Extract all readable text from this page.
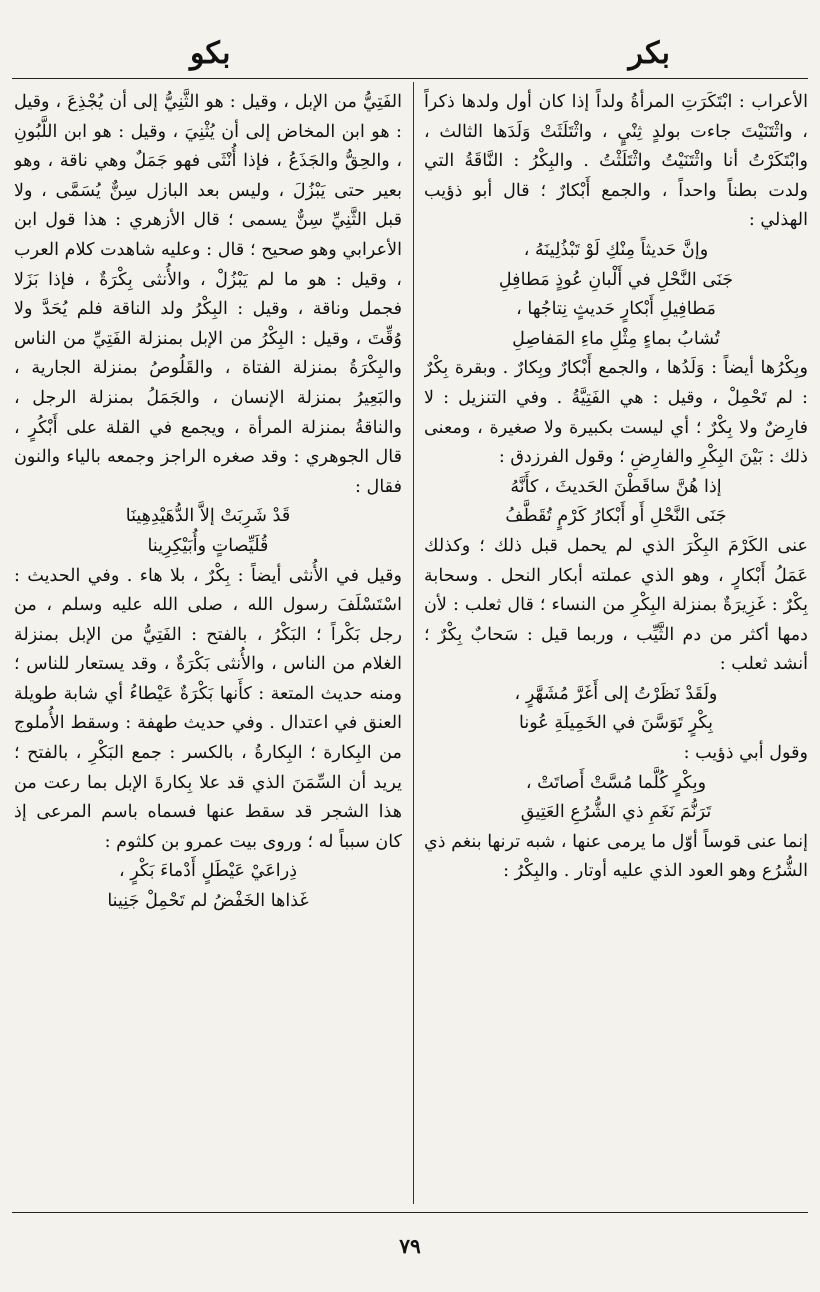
بكر
بكو

الأعراب : ابْتَكَرَتِ المرأةُ ولداً إذا كان أول ولدها ذكراً ، واثْتَنَيْتَ جاءت بولدٍ ثِنْيٍ ، واثْتَلَثَتْ وَلَدَها الثالث ، وابْتَكَرْتُ أنا واثْتَنَيْتُ واثْتَلَثْتُ . والبِكْرُ : النَّاقَةُ التي ولدت بطناً واحداً ، والجمع أَبْكارٌ ؛ قال أبو ذؤيب الهذلي :

وإنَّ حَديثاً مِنْكِ لَوْ تَبْذُلِينَهُ ،
جَنَى النَّحْلِ في أَلْبانِ عُوذٍ مَطافِلِ
مَطافِيلِ أَبْكارٍ حَديثٍ نِتاجُها ،
تُشابُ بماءٍ مِثْلِ ماءِ المَفاصِلِ

وبِكْرُها أيضاً : وَلَدُها ، والجمع أَبْكارٌ وبِكارٌ . وبقرة بِكْرٌ : لم تَحْمِلْ ، وقيل : هي الفَتِيَّةُ . وفي التنزيل : لا فارِضٌ ولا بِكْرٌ ؛ أي ليست بكبيرة ولا صغيرة ، ومعنى ذلك : بَيْنَ البِكْرِ والفارِضِ ؛ وقول الفرزدق :

إذا هُنَّ ساقَطْنَ الحَديثَ ، كأَنَّهُ
جَنَى النَّحْلِ أَو أَبْكارُ كَرْمٍ تُقَطَّفُ

عنى الكَرْمَ البِكْرَ الذي لم يحمل قبل ذلك ؛ وكذلك عَمَلُ أَبْكارٍ ، وهو الذي عملته أبكار النحل . وسحابة بِكْرٌ : غَزِيرَةٌ بمنزلة البِكْرِ من النساء ؛ قال ثعلب : لأن دمها أكثر من دم الثَّيِّب ، وربما قيل : سَحابٌ بِكْرٌ ؛ أنشد ثعلب :

ولَقَدْ نَظَرْتُ إلى أَغَرَّ مُشَهَّرٍ ،
بِكْرٍ تَوَسَّنَ في الخَمِيلَةِ عُونا

وقول أبي ذؤيب :

وبِكْرٍ كُلَّما مُسَّتْ أَصاتَتْ ،
تَرَنُّمَ نَغَمِ ذي الشُّرُعِ العَتِيقِ

إنما عنى قوساً أوّل ما يرمى عنها ، شبه ترنها بنغم ذي الشُّرُع وهو العود الذي عليه أوتار . والبِكْرُ :

الفَتِيُّ من الإبل ، وقيل : هو الثَّنِيُّ إلى أن يُجْذِعَ ، وقيل : هو ابن المخاض إلى أن يُثْنِيَ ، وقيل : هو ابن اللَّبُونِ ، والحِقُّ والجَذَعُ ، فإذا أُنْثَى فهو جَمَلٌ وهي ناقة ، وهو بعير حتى يَبْزُلَ ، وليس بعد البازل سِنٌّ يُسَمَّى ، ولا قبل الثَّنِيِّ سِنٌّ يسمى ؛ قال الأزهري : هذا قول ابن الأعرابي وهو صحيح ؛ قال : وعليه شاهدت كلام العرب ، وقيل : هو ما لم يَبْزُلْ ، والأُنثى بِكْرَةٌ ، فإذا بَزَلا فجمل وناقة ، وقيل : البِكْرُ ولد الناقة فلم يُحَدَّ ولا وُقِّتَ ، وقيل : البِكْرُ من الإبل بمنزلة الفَتِيِّ من الناس والبِكْرَةُ بمنزلة الفتاة ، والقَلُوصُ بمنزلة الجارية ، والبَعِيرُ بمنزلة الإنسان ، والجَمَلُ بمنزلة الرجل ، والناقةُ بمنزلة المرأة ، ويجمع في القلة على أَبْكُرٍ ، قال الجوهري : وقد صغره الراجز وجمعه بالياء والنون فقال :

قَدْ شَرِبَتْ إلاَّ الدُّهَيْدِهِينَا
قُلَيِّصاتٍ وأُبَيْكِرِينا

وقيل في الأُنثى أيضاً : بِكْرٌ ، بلا هاء . وفي الحديث : اسْتَسْلَفَ رسول الله ، صلى الله عليه وسلم ، من رجل بَكْراً ؛ البَكْرُ ، بالفتح : الفَتِيُّ من الإبل بمنزلة الغلام من الناس ، والأُنثى بَكْرَةٌ ، وقد يستعار للناس ؛ ومنه حديث المتعة : كأَنها بَكْرَةٌ عَيْطاءُ أي شابة طويلة العنق في اعتدال . وفي حديث طهفة : وسقط الأُملوج من البِكارة ؛ البِكارةُ ، بالكسر : جمع البَكْرِ ، بالفتح ؛ يريد أن السِّمَنَ الذي قد علا بِكارةَ الإبل بما رعت من هذا الشجر قد سقط عنها فسماه باسم المرعى إذ كان سبباً له ؛ وروى بيت عمرو بن كلثوم :

ذِراعَيْ عَيْطَلٍ أَدْماءَ بَكْرٍ ،
غَذاها الخَفْضُ لم تَحْمِلْ جَنِينا
٧٩
